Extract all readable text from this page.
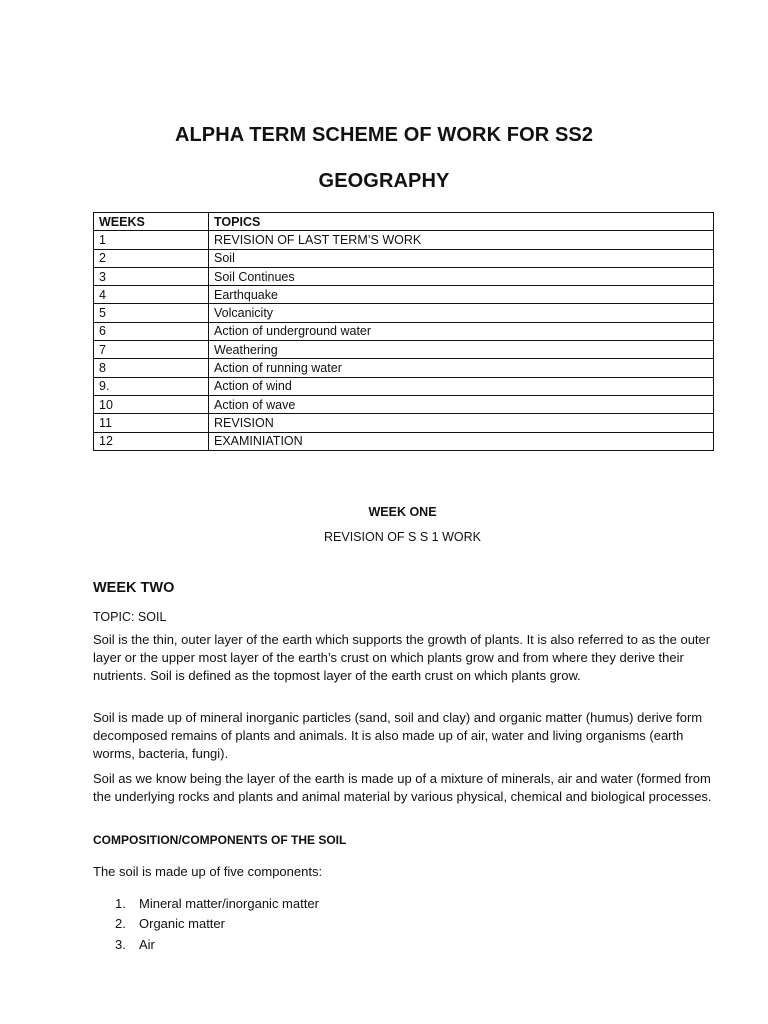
ALPHA TERM SCHEME OF WORK FOR SS2
GEOGRAPHY
WEEKS	TOPICS
1	REVISION OF LAST TERM’S WORK
2	Soil
3	Soil Continues
4	Earthquake
5	Volcanicity
6	Action of underground water
7	Weathering
8	Action of running water
9.	Action of wind
10	Action of wave
11	REVISION
12	EXAMINIATION
WEEK ONE
REVISION OF S S 1 WORK
WEEK TWO
TOPIC: SOIL

Soil is the thin, outer layer of the earth which supports the growth of plants. It is also referred to as the outer layer or the upper most layer of the earth’s crust on which plants grow and from where they derive their nutrients. Soil is defined as the topmost layer of the earth crust on which plants grow.

Soil is made up of mineral inorganic particles (sand, soil and clay) and organic matter (humus) derive form decomposed remains of plants and animals. It is also made up of air, water and living organisms (earth worms, bacteria, fungi).

Soil as we know being the layer of the earth is made up of a mixture of minerals, air and water (formed from the underlying rocks and plants and animal material by various physical, chemical and biological processes.

COMPOSITION/COMPONENTS OF THE SOIL
The soil is made up of five components:
1.	Mineral matter/inorganic matter
2.	Organic matter
3.	Air
